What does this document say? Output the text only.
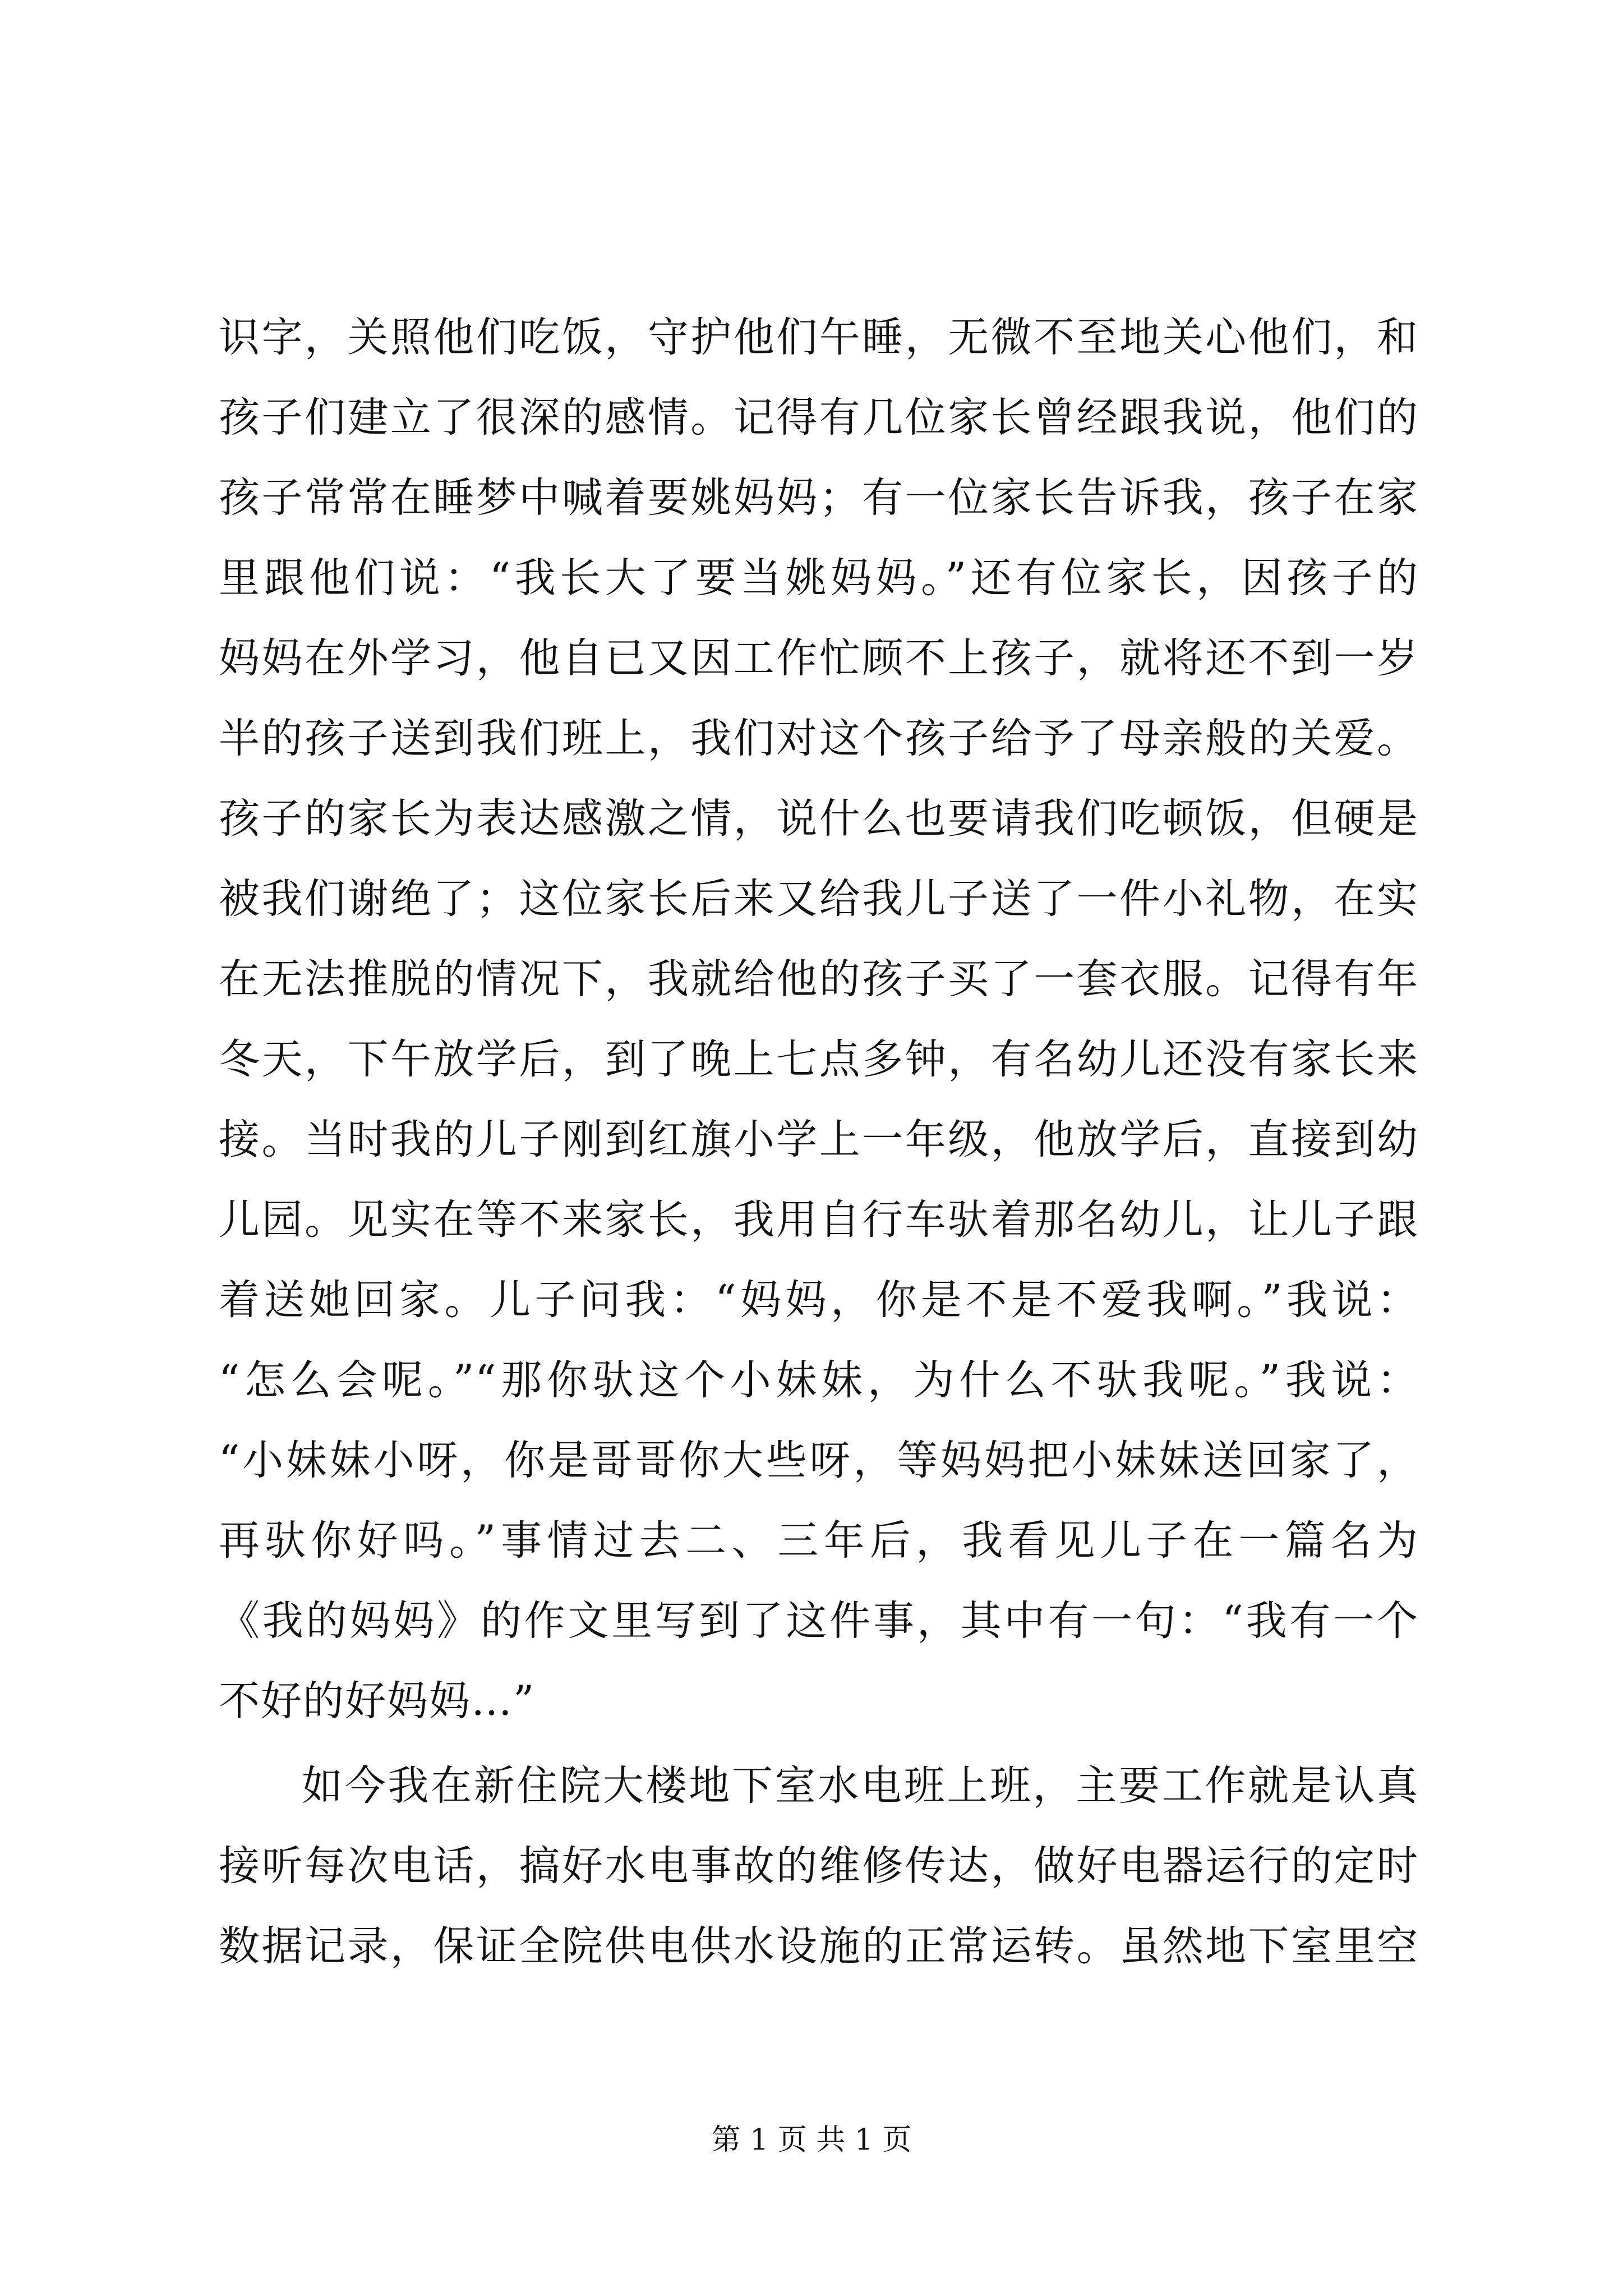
识字，关照他们吃饭，守护他们午睡，无微不至地关心他们，和
孩子们建立了很深的感情。记得有几位家长曾经跟我说，他们的
孩子常常在睡梦中喊着要姚妈妈；有一位家长告诉我，孩子在家
里跟他们说：“我长大了要当姚妈妈。”还有位家长，因孩子的
妈妈在外学习，他自已又因工作忙顾不上孩子，就将还不到一岁
半的孩子送到我们班上，我们对这个孩子给予了母亲般的关爱。
孩子的家长为表达感激之情，说什么也要请我们吃顿饭，但硬是
被我们谢绝了；这位家长后来又给我儿子送了一件小礼物，在实
在无法推脱的情况下，我就给他的孩子买了一套衣服。记得有年
冬天，下午放学后，到了晚上七点多钟，有名幼儿还没有家长来
接。当时我的儿子刚到红旗小学上一年级，他放学后，直接到幼
儿园。见实在等不来家长，我用自行车驮着那名幼儿，让儿子跟
着送她回家。儿子问我：“妈妈，你是不是不爱我啊。”我说：
“怎么会呢。”“那你驮这个小妹妹，为什么不驮我呢。”我说：
“小妹妹小呀，你是哥哥你大些呀，等妈妈把小妹妹送回家了，
再驮你好吗。”事情过去二、三年后，我看见儿子在一篇名为
《我的妈妈》的作文里写到了这件事，其中有一句：“我有一个
不好的好妈妈…”
如今我在新住院大楼地下室水电班上班，主要工作就是认真
接听每次电话，搞好水电事故的维修传达，做好电器运行的定时
数据记录，保证全院供电供水设施的正常运转。虽然地下室里空
第 1 页 共 1 页
